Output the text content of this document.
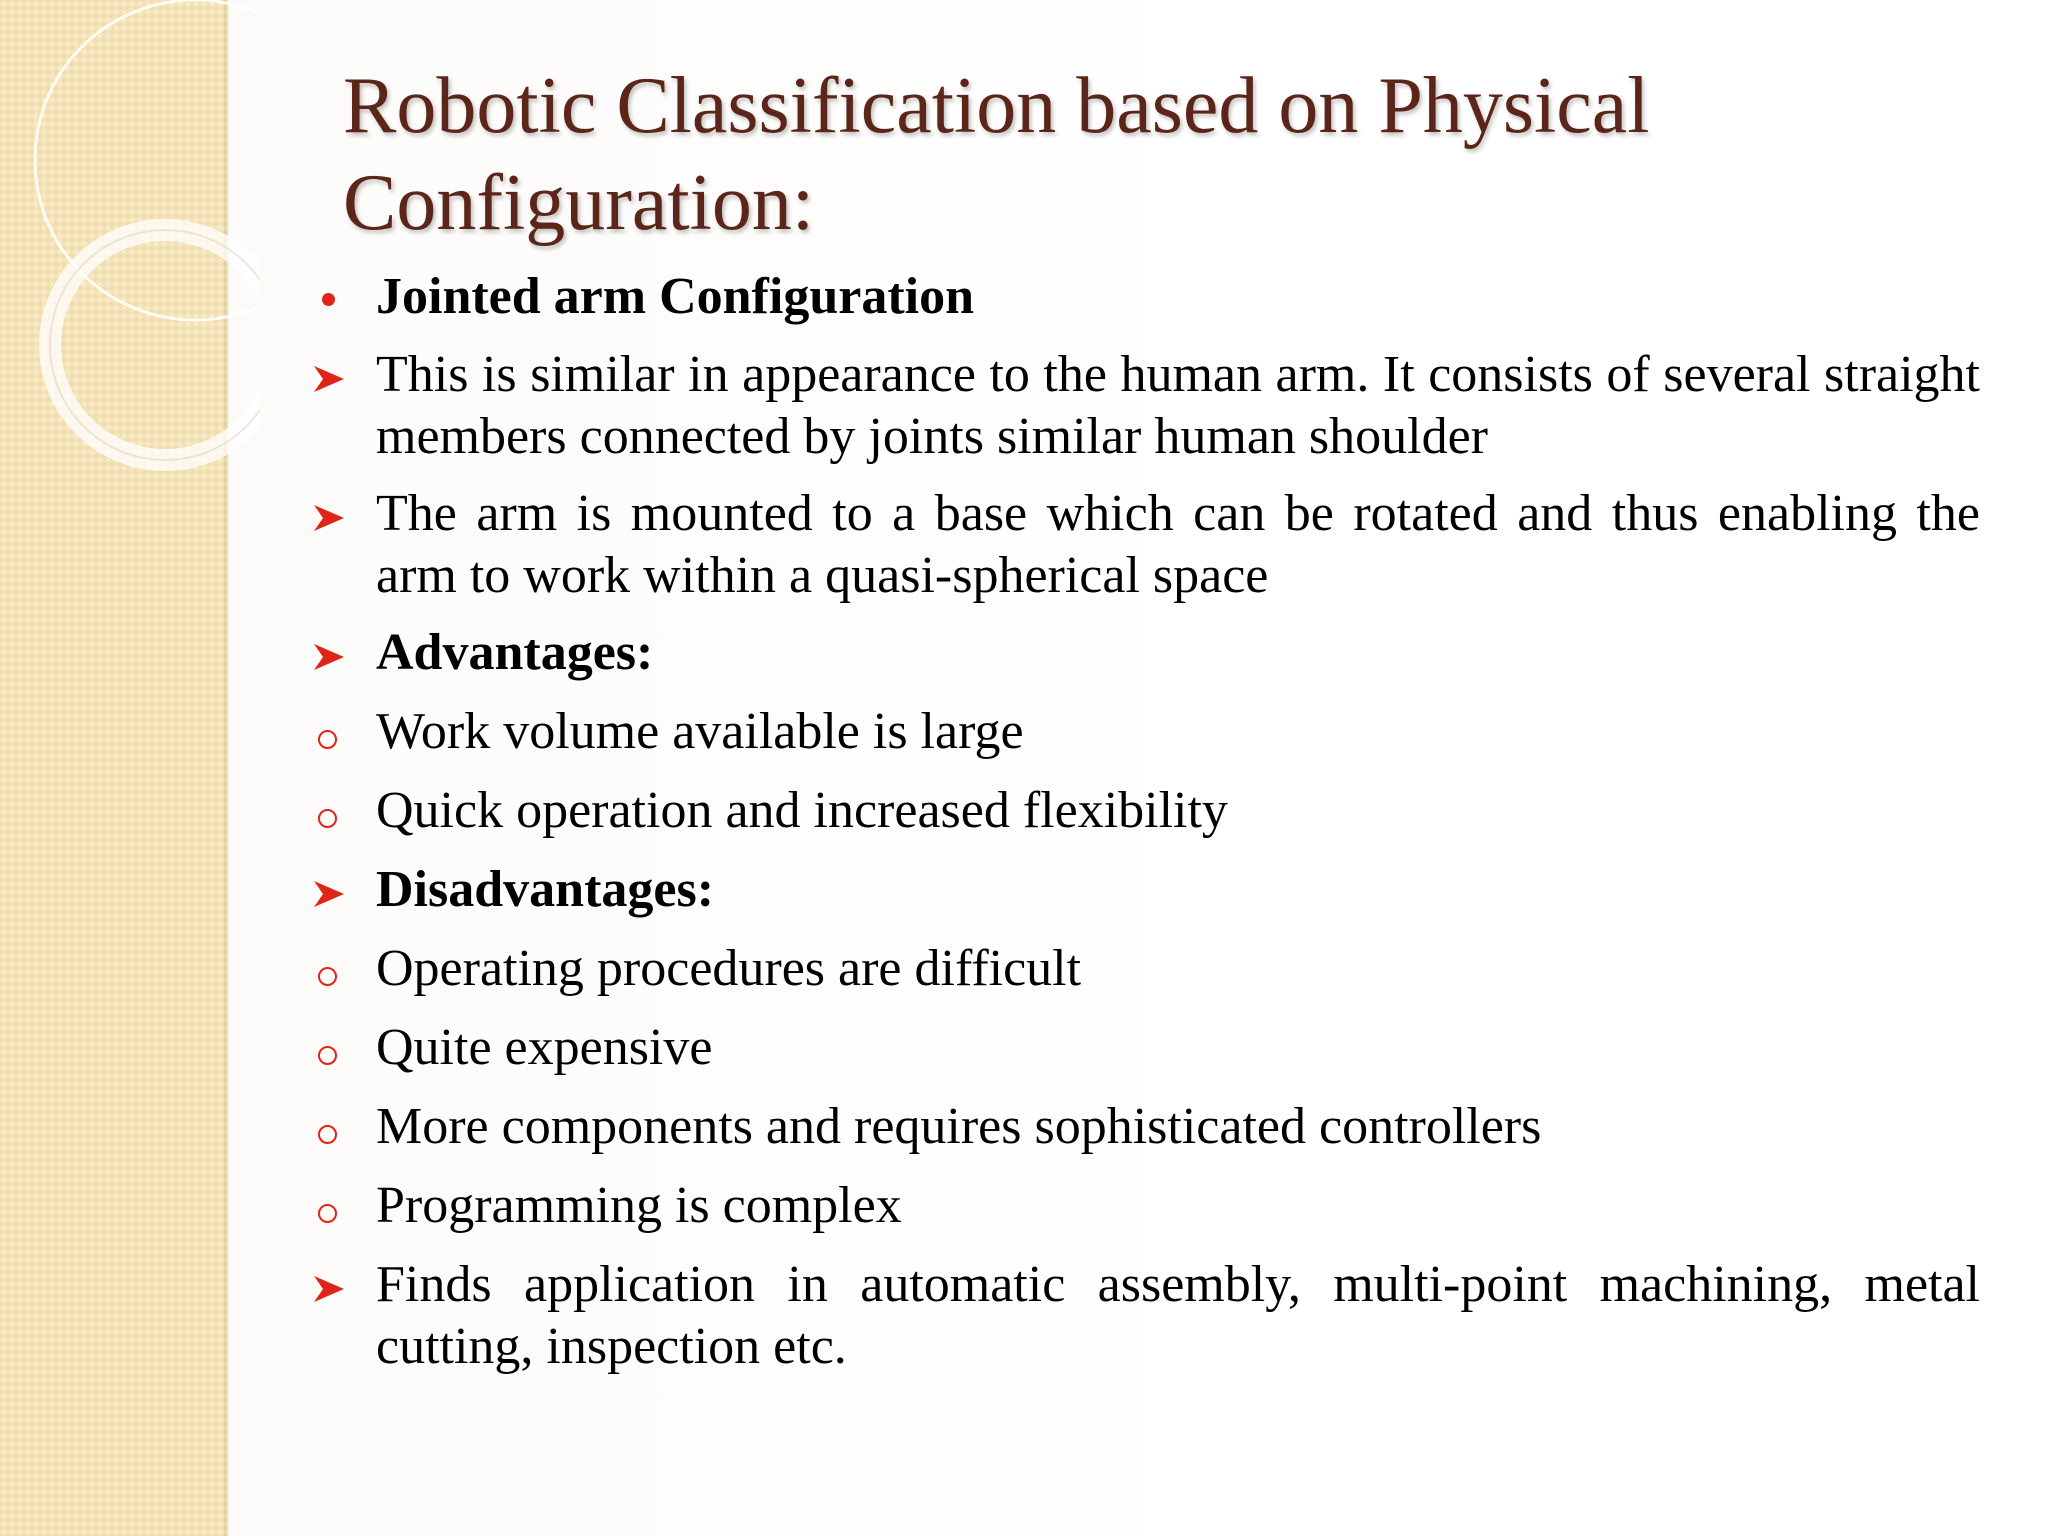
Robotic Classification based on Physical Configuration:

Jointed arm Configuration

This is similar in appearance to the human arm. It consists of several straight members connected by joints similar human shoulder

The arm is mounted to a base which can be rotated and thus enabling the arm to work within a quasi-spherical space

Advantages:

Work volume available is large

Quick operation and increased flexibility

Disadvantages:

Operating procedures are difficult

Quite expensive

More components and requires sophisticated controllers

Programming is complex

Finds application in automatic assembly, multi-point machining, metal cutting, inspection etc.
